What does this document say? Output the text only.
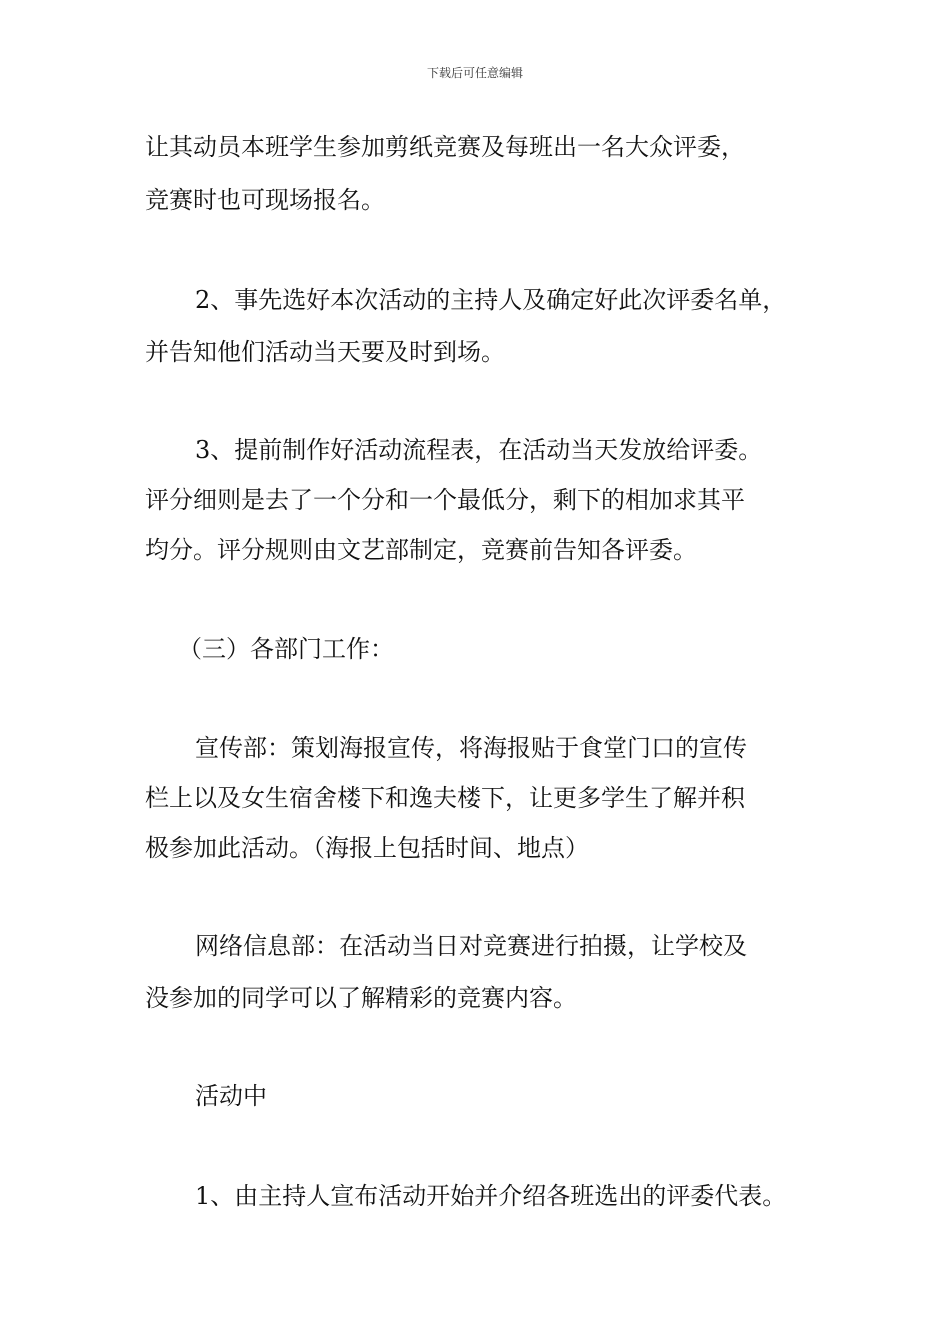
下载后可任意编辑
让其动员本班学生参加剪纸竞赛及每班出一名大众评委，
竞赛时也可现场报名。
2、事先选好本次活动的主持人及确定好此次评委名单，
并告知他们活动当天要及时到场。
3、提前制作好活动流程表，在活动当天发放给评委。
评分细则是去了一个分和一个最低分，剩下的相加求其平
均分。评分规则由文艺部制定，竞赛前告知各评委。
（三）各部门工作：
宣传部：策划海报宣传，将海报贴于食堂门口的宣传
栏上以及女生宿舍楼下和逸夫楼下，让更多学生了解并积
极参加此活动。（海报上包括时间、地点）
网络信息部：在活动当日对竞赛进行拍摄，让学校及
没参加的同学可以了解精彩的竞赛内容。
活动中
1、由主持人宣布活动开始并介绍各班选出的评委代表。
